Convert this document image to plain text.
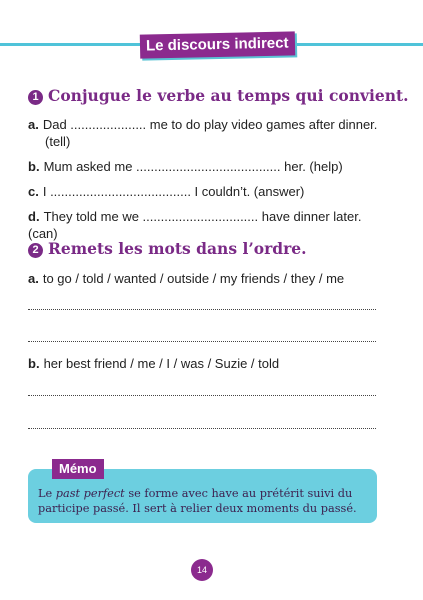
Le discours indirect
1 Conjugue le verbe au temps qui convient.
a. Dad ..................... me to do play video games after dinner.
(tell)
b. Mum asked me ........................................ her. (help)
c. I ....................................... I couldn’t. (answer)
d. They told me we ................................ have dinner later. (can)
2 Remets les mots dans l’ordre.
a. to go / told / wanted / outside / my friends / they / me
b. her best friend / me / I / was / Suzie / told
Mémo
Le past perfect se forme avec have au prétérit suivi du participe passé. Il sert à relier deux moments du passé.
14
